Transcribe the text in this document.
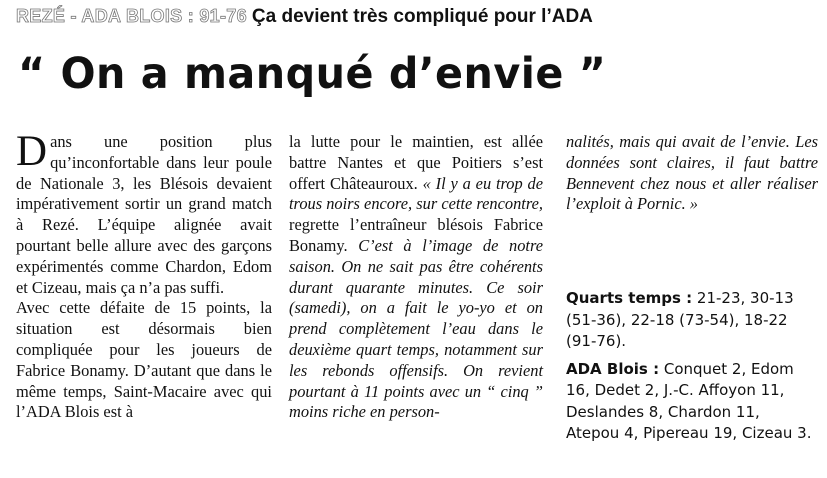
REZÉ - ADA BLOIS : 91-76 Ça devient très compliqué pour l’ADA
“ On a manqué d’envie ”

Dans une position plus qu’inconfortable dans leur poule de Nationale 3, les Blésois devaient impérativement sortir un grand match à Rezé. L’équipe alignée avait pourtant belle allure avec des garçons expérimentés comme Chardon, Edom et Cizeau, mais ça n’a pas suffi.

Avec cette défaite de 15 points, la situation est désormais bien compliquée pour les joueurs de Fabrice Bonamy. D’autant que dans le même temps, Saint-Macaire avec qui l’ADA Blois est à

la lutte pour le maintien, est allée battre Nantes et que Poitiers s’est offert Châteauroux. « Il y a eu trop de trous noirs encore, sur cette rencontre, regrette l’entraîneur blésois Fabrice Bonamy. C’est à l’image de notre saison. On ne sait pas être cohérents durant quarante minutes. Ce soir (samedi), on a fait le yo-yo et on prend complètement l’eau dans le deuxième quart temps, notamment sur les rebonds offensifs. On revient pourtant à 11 points avec un “ cinq ” moins riche en person-

nalités, mais qui avait de l’envie. Les données sont claires, il faut battre Bennevent chez nous et aller réaliser l’exploit à Pornic. »

Quarts temps : 21-23, 30-13 (51-36), 22-18 (73-54), 18-22 (91-76).

ADA Blois : Conquet 2, Edom 16, Dedet 2, J.-C. Affoyon 11, Deslandes 8, Chardon 11, Atepou 4, Pipereau 19, Cizeau 3.
